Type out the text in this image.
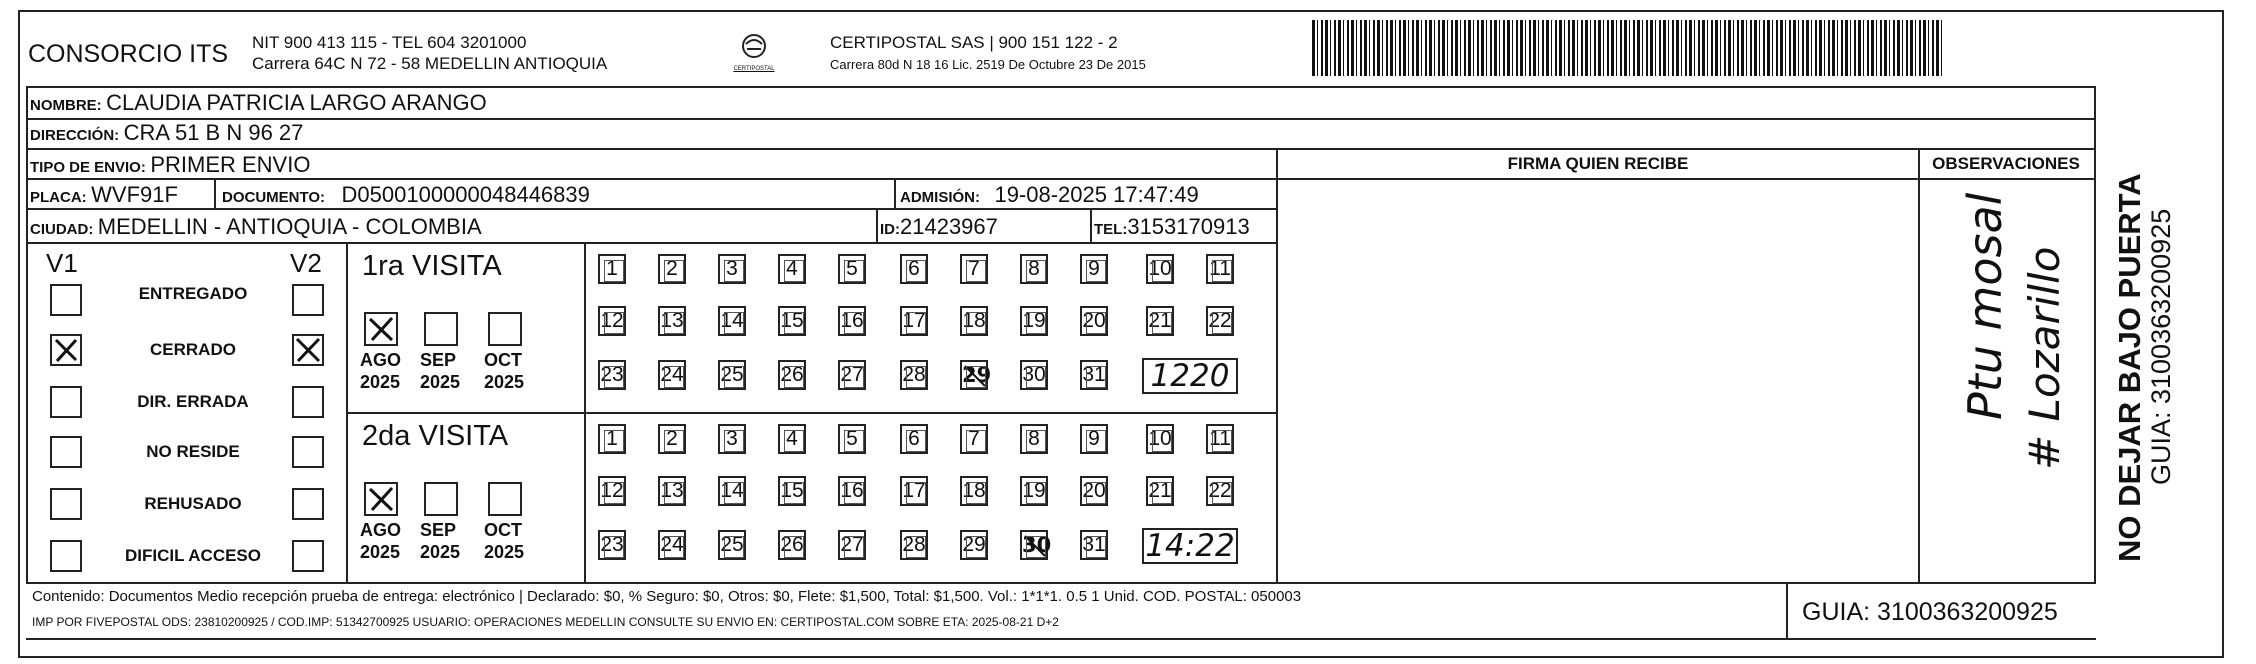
CONSORCIO ITS NIT 900 413 115 - TEL 604 3201000
Carrera 64C N 72 - 58 MEDELLIN ANTIOQUIA	CERTIPOSTAL
CERTIPOSTAL SAS | 900 151 122 - 2
Carrera 80d N 18 16 Lic. 2519 De Octubre 23 De 2015
NOMBRE: CLAUDIA PATRICIA LARGO ARANGO
DIRECCIÓN: CRA 51 B N 96 27
TIPO DE ENVIO: PRIMER ENVIO	FIRMA QUIEN RECIBE	OBSERVACIONES
PLACA: WVF91F	DOCUMENTO: D0500100000048446839	ADMISIÓN: 19-08-2025 17:47:49
CIUDAD: MEDELLIN - ANTIOQUIA - COLOMBIA	ID:21423967	TEL:3153170913
V1	V2
ENTREGADO
CERRADO
DIR. ERRADA
NO RESIDE
REHUSADO
DIFICIL ACCESO
1ra VISITA
AGO
2025
SEP
2025
OCT
2025
1	2	3	4	5	6	7	8	9	10 11
12 13 14 15 16 17 18 19 20 21 22
23 24 25 26 27 28 29 30 31 1220
2da VISITA
AGO
2025
SEP
2025
OCT
2025
1	2	3	4	5	6	7	8	9	10 11
12 13 14 15 16 17 18 19 20 21 22
23 24 25 26 27 28 29 30 31 14:22
Ptu mosal # Lozarillo
Contenido: Documentos Medio recepción prueba de entrega: electrónico | Declarado: $0, % Seguro: $0, Otros: $0, Flete: $1,500, Total: $1,500. Vol.: 1*1*1. 0.5 1 Unid. COD. POSTAL: 050003
IMP POR FIVEPOSTAL ODS: 23810200925 / COD.IMP: 51342700925 USUARIO: OPERACIONES MEDELLIN CONSULTE SU ENVIO EN: CERTIPOSTAL.COM SOBRE ETA: 2025-08-21 D+2	GUIA: 3100363200925
NO DEJAR BAJO PUERTA GUIA: 3100363200925
